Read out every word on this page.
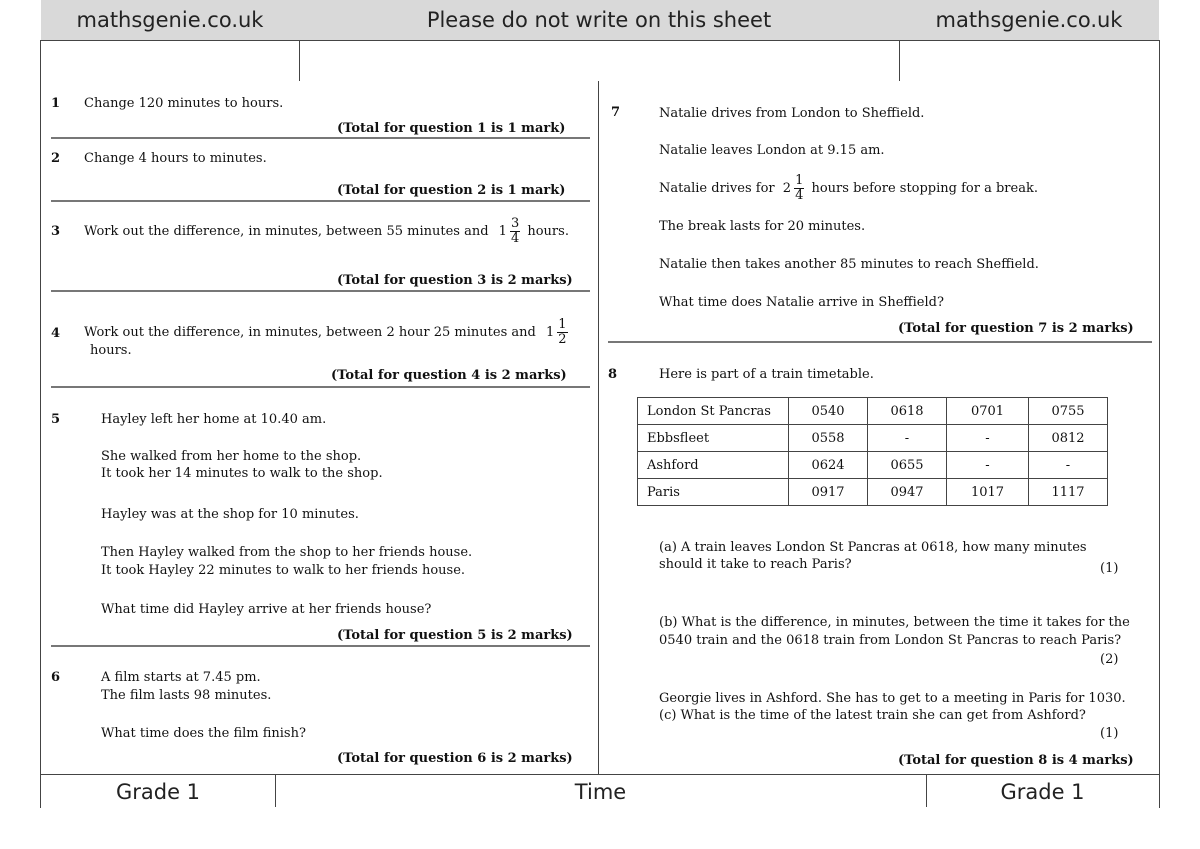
mathsgenie.co.uk	Please do not write on this sheet	mathsgenie.co.uk
Grade 1	Time	Grade 1
1 Change 120 minutes to hours.
(Total for question 1 is 1 mark)
2 Change 4 hours to minutes.
(Total for question 2 is 1 mark)
3 Work out the difference, in minutes, between 55 minutes and $1 \frac{3}{4}$ hours.
(Total for question 3 is 2 marks)
4 Work out the difference, in minutes, between 2 hour 25 minutes and $1 \frac{1}{2}$
hours.
(Total for question 4 is 2 marks)
5	Hayley left her home at 10.40 am.
She walked from her home to the shop.
It took her 14 minutes to walk to the shop.
Hayley was at the shop for 10 minutes.
Then Hayley walked from the shop to her friends house.
It took Hayley 22 minutes to walk to her friends house.
What time did Hayley arrive at her friends house?
(Total for question 5 is 2 marks)
6	A film starts at 7.45 pm.
The film lasts 98 minutes.
What time does the film finish?
(Total for question 6 is 2 marks)
7	Natalie drives from London to Sheffield.
Natalie leaves London at 9.15 am.
Natalie drives for $2 \frac{1}{4}$ hours before stopping for a break.
The break lasts for 20 minutes.
Natalie then takes another 85 minutes to reach Sheffield.
What time does Natalie arrive in Sheffield?
(Total for question 7 is 2 marks)
8	Here is part of a train timetable.
London St Pancras	0540	0618	0701	0755
Ebbsfleet	0558	-	-	0812
Ashford	0624	0655	-	-
Paris	0917	0947	1017	1117
(a) A train leaves London St Pancras at 0618, how many minutes
should it take to reach Paris?	(1)
(b) What is the difference, in minutes, between the time it takes for the
0540 train and the 0618 train from London St Pancras to reach Paris?
(2)
Georgie lives in Ashford. She has to get to a meeting in Paris for 1030.
(c) What is the time of the latest train she can get from Ashford?
(1)
(Total for question 8 is 4 marks)
